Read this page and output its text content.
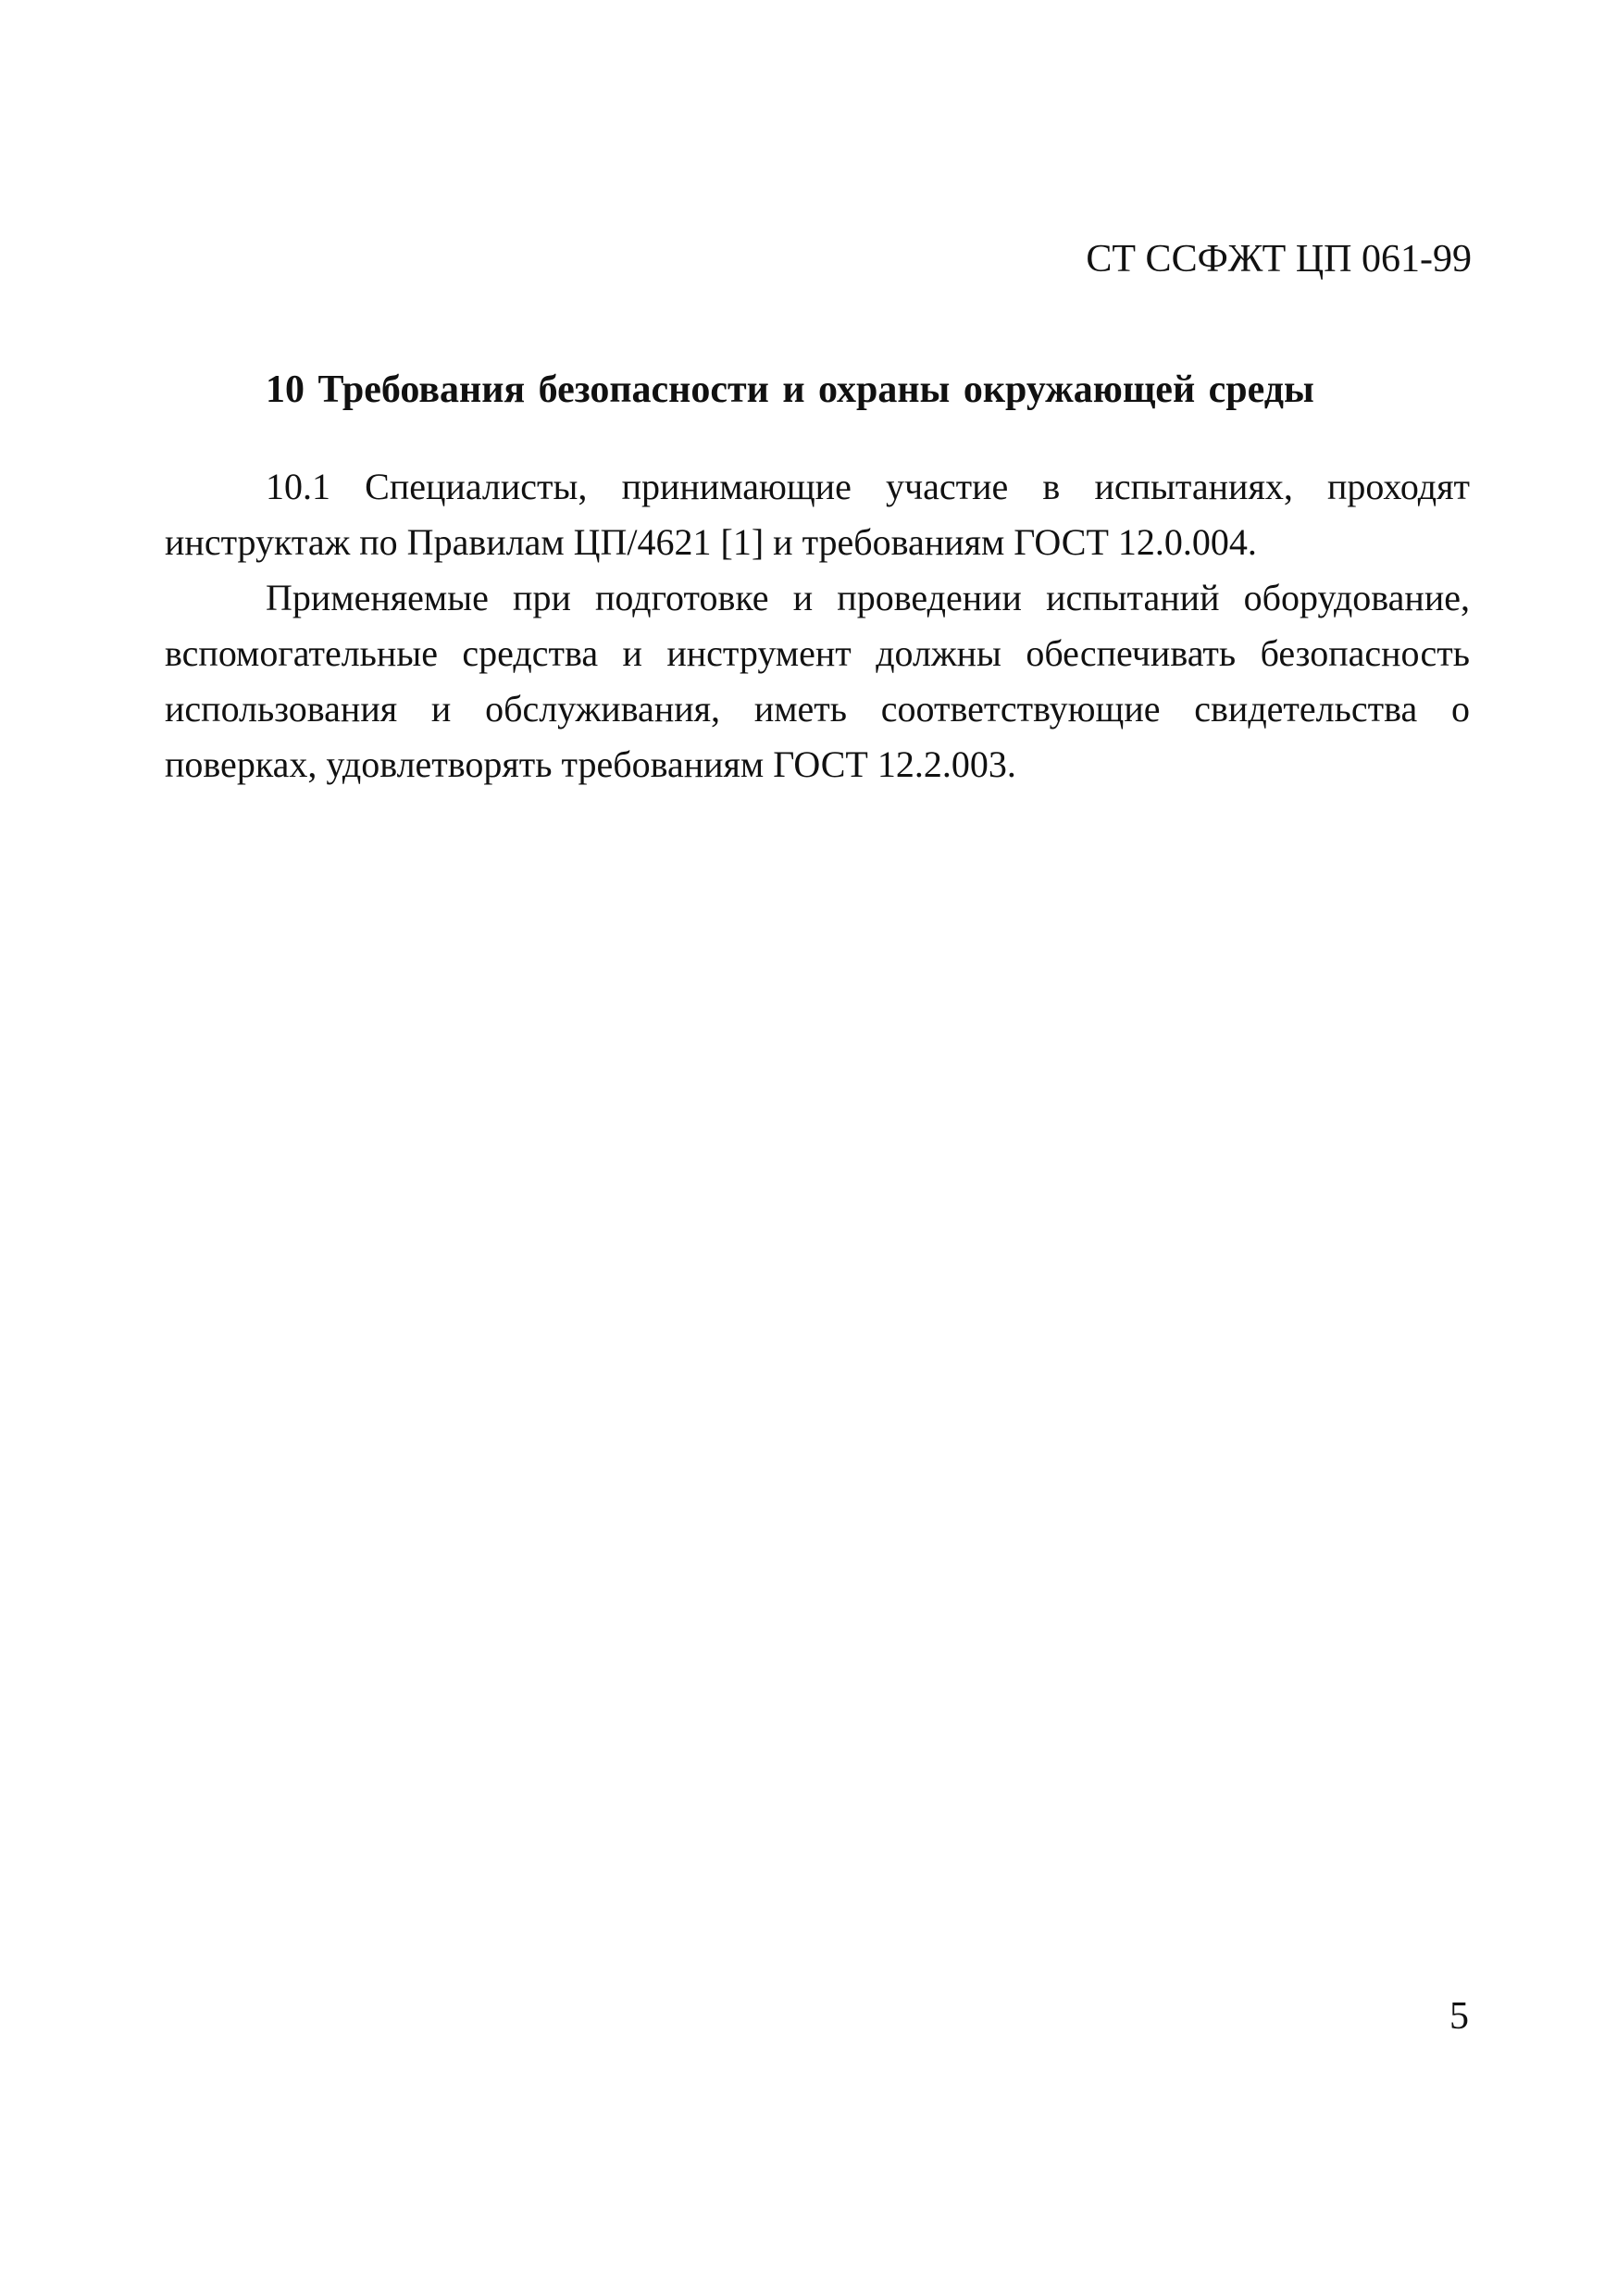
СТ ССФЖТ ЦП 061-99
10 Требования безопасности и охраны окружающей среды

10.1 Специалисты, принимающие участие в испытаниях, проходят инструктаж по Правилам ЦП/4621 [1] и требованиям ГОСТ 12.0.004.

Применяемые при подготовке и проведении испытаний оборудование, вспомогательные средства и инструмент должны обеспечивать безопасность использования и обслуживания, иметь соответствующие свидетельства о поверках, удовлетворять требованиям ГОСТ 12.2.003.

5
